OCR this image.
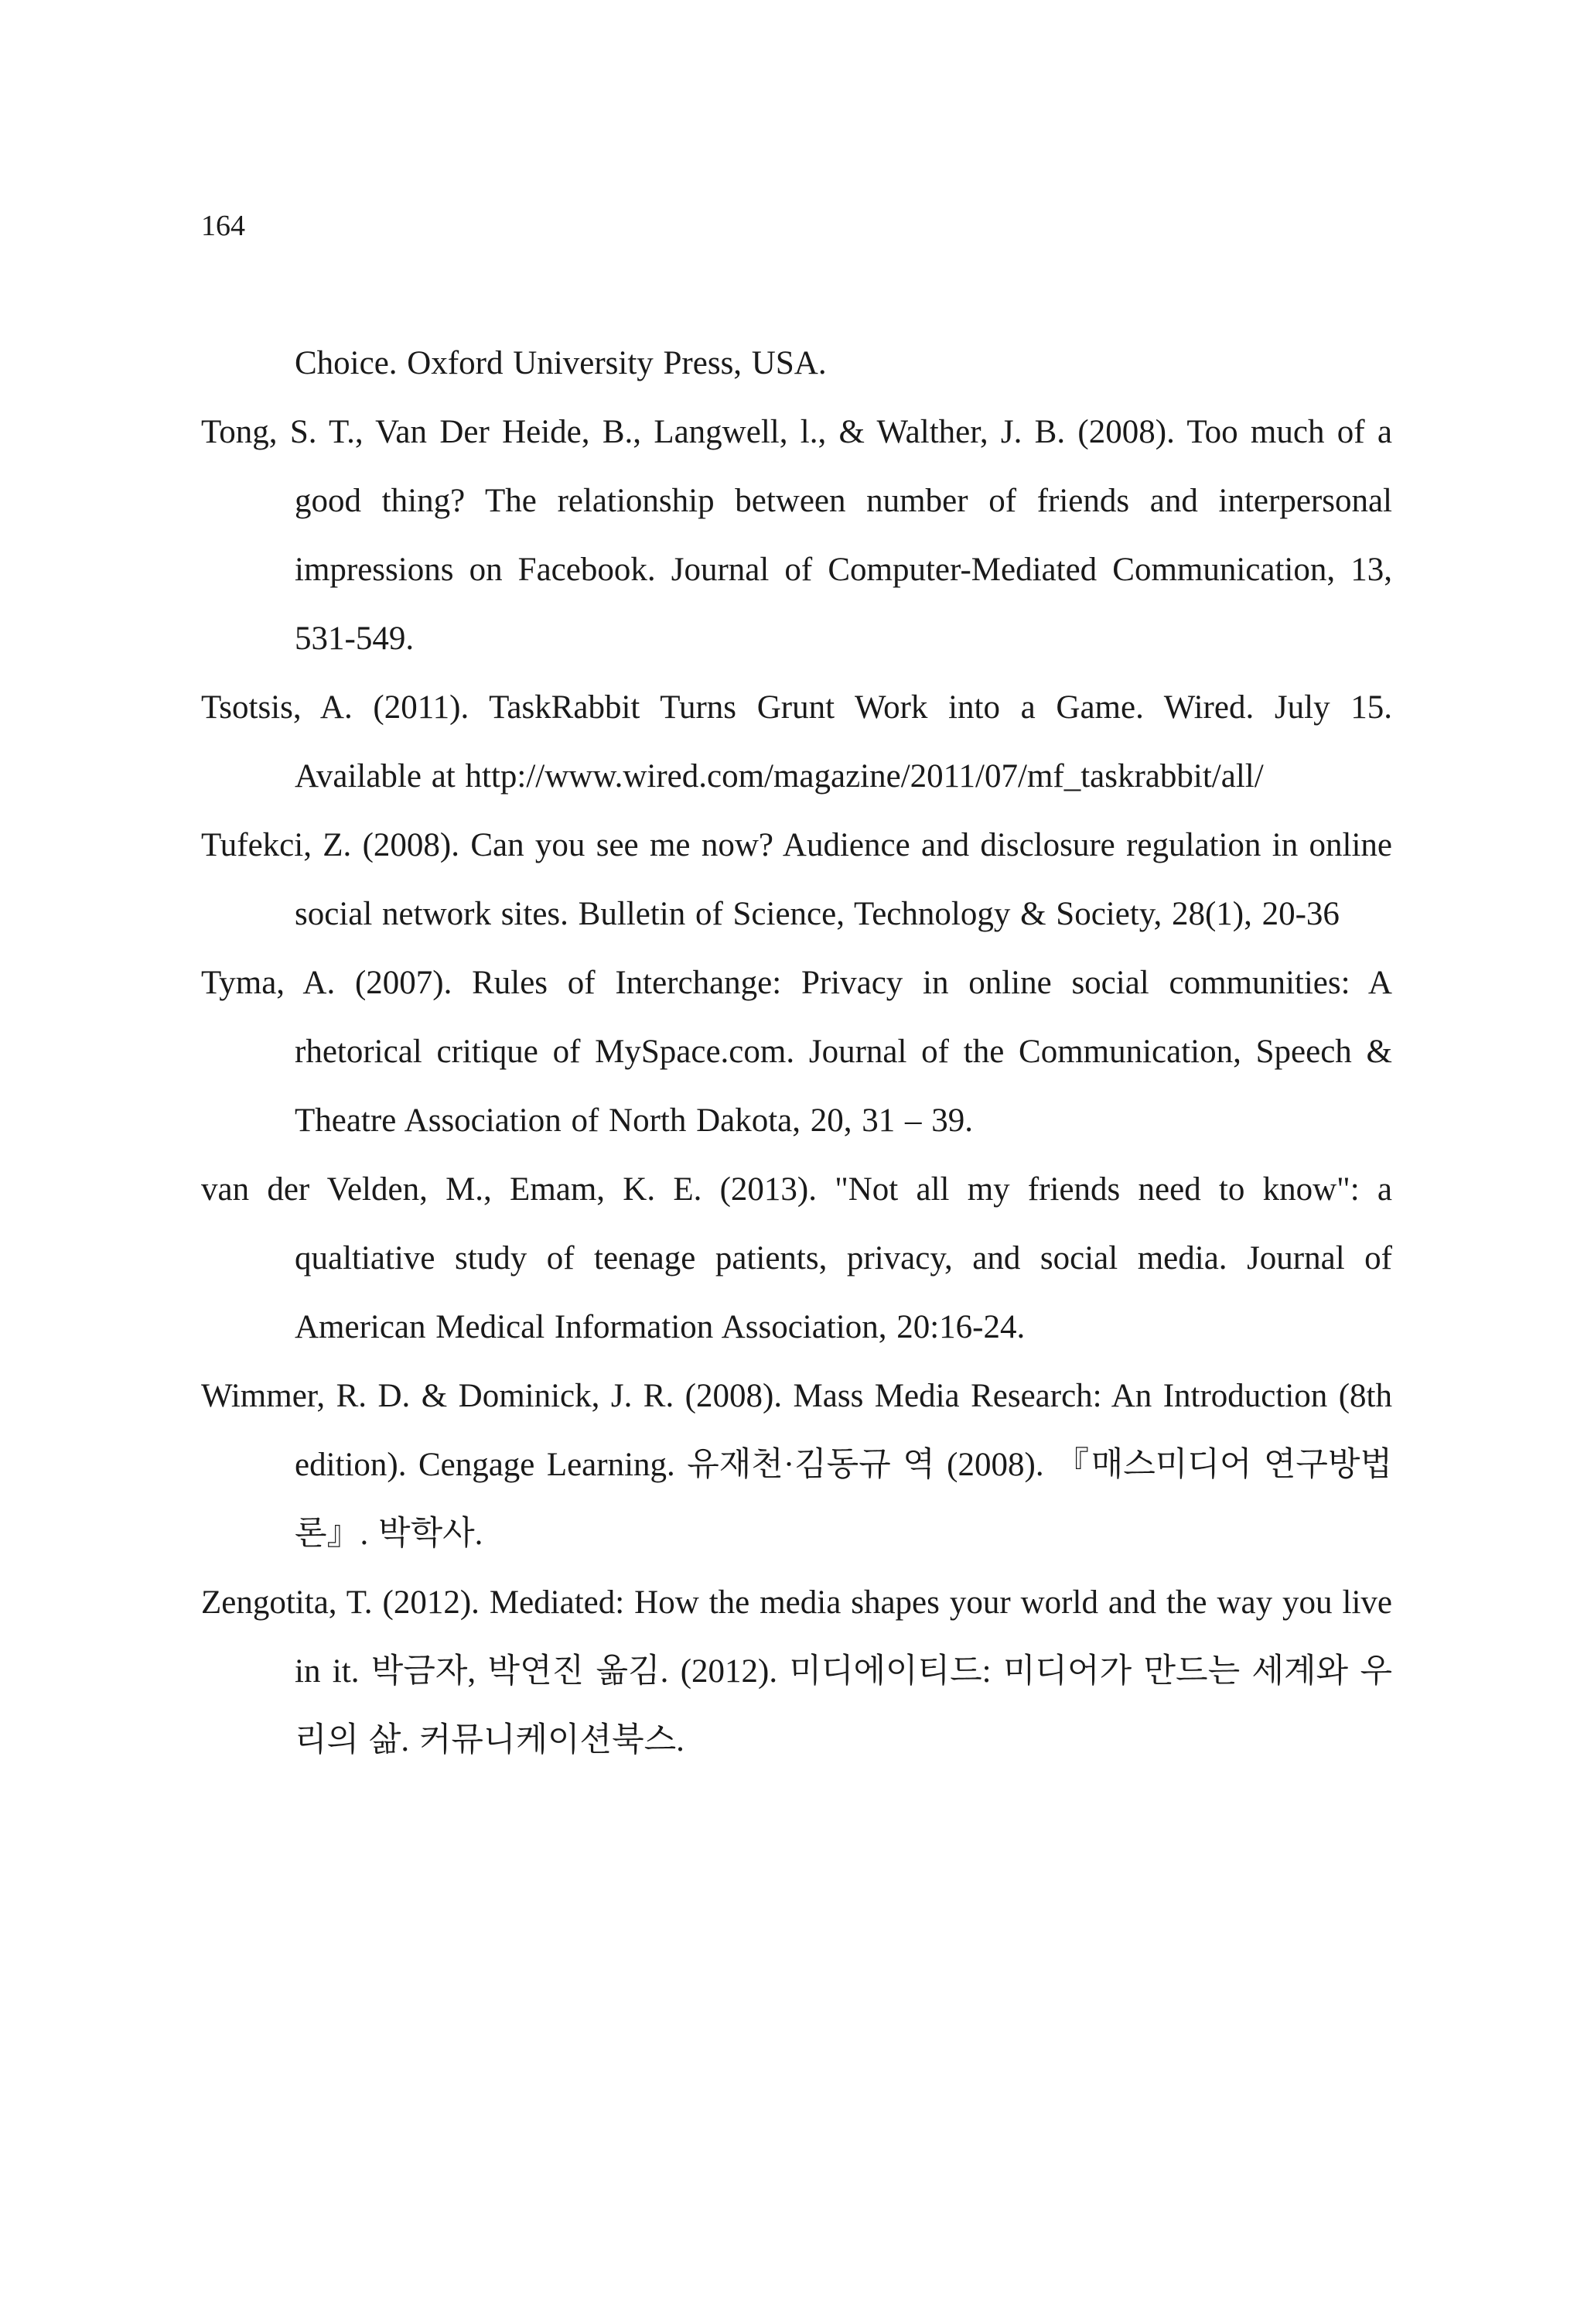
164

Choice. Oxford University Press, USA.

Tong, S. T., Van Der Heide, B., Langwell, l., & Walther, J. B. (2008). Too much of a good thing? The relationship between number of friends and interpersonal impressions on Facebook. Journal of Computer-Mediated Communication, 13, 531-549.

Tsotsis, A. (2011). TaskRabbit Turns Grunt Work into a Game. Wired. July 15. Available at http://www.wired.com/magazine/2011/07/mf_taskrabbit/all/

Tufekci, Z. (2008). Can you see me now? Audience and disclosure regulation in online social network sites. Bulletin of Science, Technology & Society, 28(1), 20-36

Tyma, A. (2007). Rules of Interchange: Privacy in online social communities: A rhetorical critique of MySpace.com. Journal of the Communication, Speech & Theatre Association of North Dakota, 20, 31 – 39.

van der Velden, M., Emam, K. E. (2013). "Not all my friends need to know": a qualtiative study of teenage patients, privacy, and social media. Journal of American Medical Information Association, 20:16-24.

Wimmer, R. D. & Dominick, J. R. (2008). Mass Media Research: An Introduction (8th edition). Cengage Learning. 유재천·김동규 역 (2008). 『매스미디어 연구방법론』. 박학사.

Zengotita, T. (2012). Mediated: How the media shapes your world and the way you live in it. 박금자, 박연진 옮김. (2012). 미디에이티드: 미디어가 만드는 세계와 우리의 삶. 커뮤니케이션북스.
